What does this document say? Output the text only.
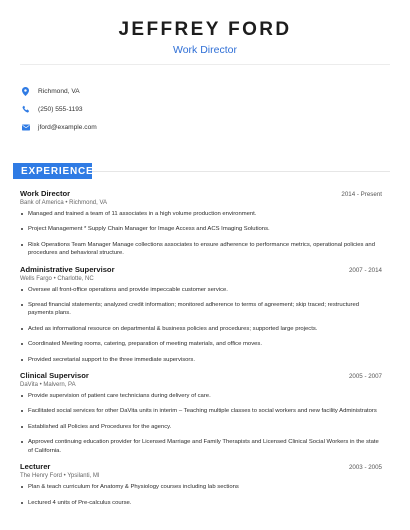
JEFFREY FORD
Work Director
Richmond, VA
(250) 555-1193
jford@example.com
EXPERIENCE
Work Director	2014 - Present
Bank of America • Richmond, VA
Managed and trained a team of 11 associates in a high volume production environment.
Project Management * Supply Chain Manager for Image Access and ACS Imaging Solutions.
Risk Operations Team Manager Manage collections associates to ensure adherence to performance metrics, operational policies and procedures and behavioral structure.
Administrative Supervisor	2007 - 2014
Wells Fargo • Charlotte, NC
Oversee all front-office operations and provide impeccable customer service.
Spread financial statements; analyzed credit information; monitored adherence to terms of agreement; skip traced; restructured payments plans.
Acted as informational resource on departmental & business policies and procedures; supported large projects.
Coordinated Meeting rooms, catering, preparation of meeting materials, and office moves.
Provided secretarial support to the three immediate supervisors.
Clinical Supervisor	2005 - 2007
DaVita • Malvern, PA
Provide supervision of patient care technicians during delivery of care.
Facilitated social services for other DaVita units in interim – Teaching multiple classes to social workers and new facility Administrators
Established all Policies and Procedures for the agency.
Approved continuing education provider for Licensed Marriage and Family Therapists and Licensed Clinical Social Workers in the state of California.
Lecturer	2003 - 2005
The Henry Ford • Ypsilanti, MI
Plan & teach curriculum for Anatomy & Physiology courses including lab sections
Lectured 4 units of Pre-calculus course.
